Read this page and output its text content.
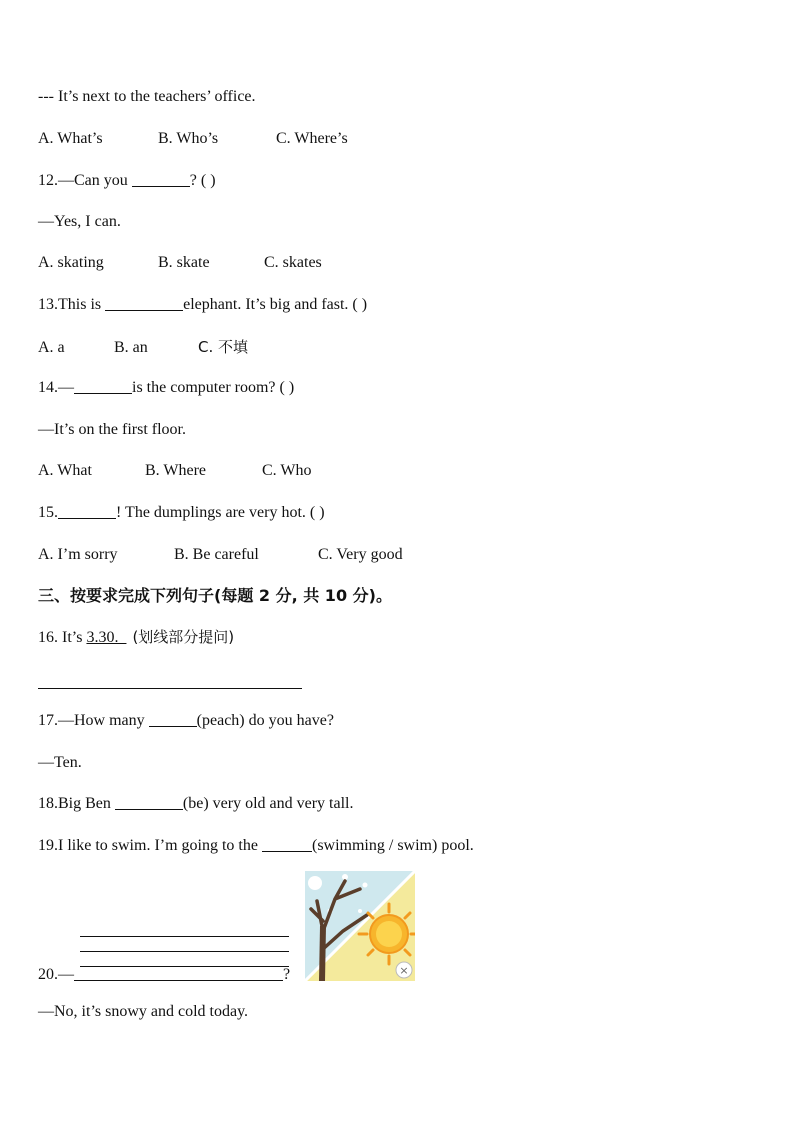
--- It’s next to the teachers’ office.
A. What’s	B. Who’s	C. Where’s
12.—Can you	? ( )
—Yes, I can.
A. skating	B. skate	C. skates
13.This is	elephant. It’s big and fast. ( )
A. a	B. an	C. 不填
14.—	is the computer room? ( )
—It’s on the first floor.
A. What	B. Where	C. Who
15.	! The dumplings are very hot. ( )
A. I’m sorry	B. Be careful	C. Very good
三、按要求完成下列句子(每题 2 分, 共 10 分)。
16. It’s 3.30.  (划线部分提问)
17.—How many	(peach) do you have?
—Ten.
18.Big Ben	(be) very old and very tall.
19.I like to swim. I’m going to the	(swimming / swim) pool.
20.—	?	×
—No, it’s snowy and cold today.
